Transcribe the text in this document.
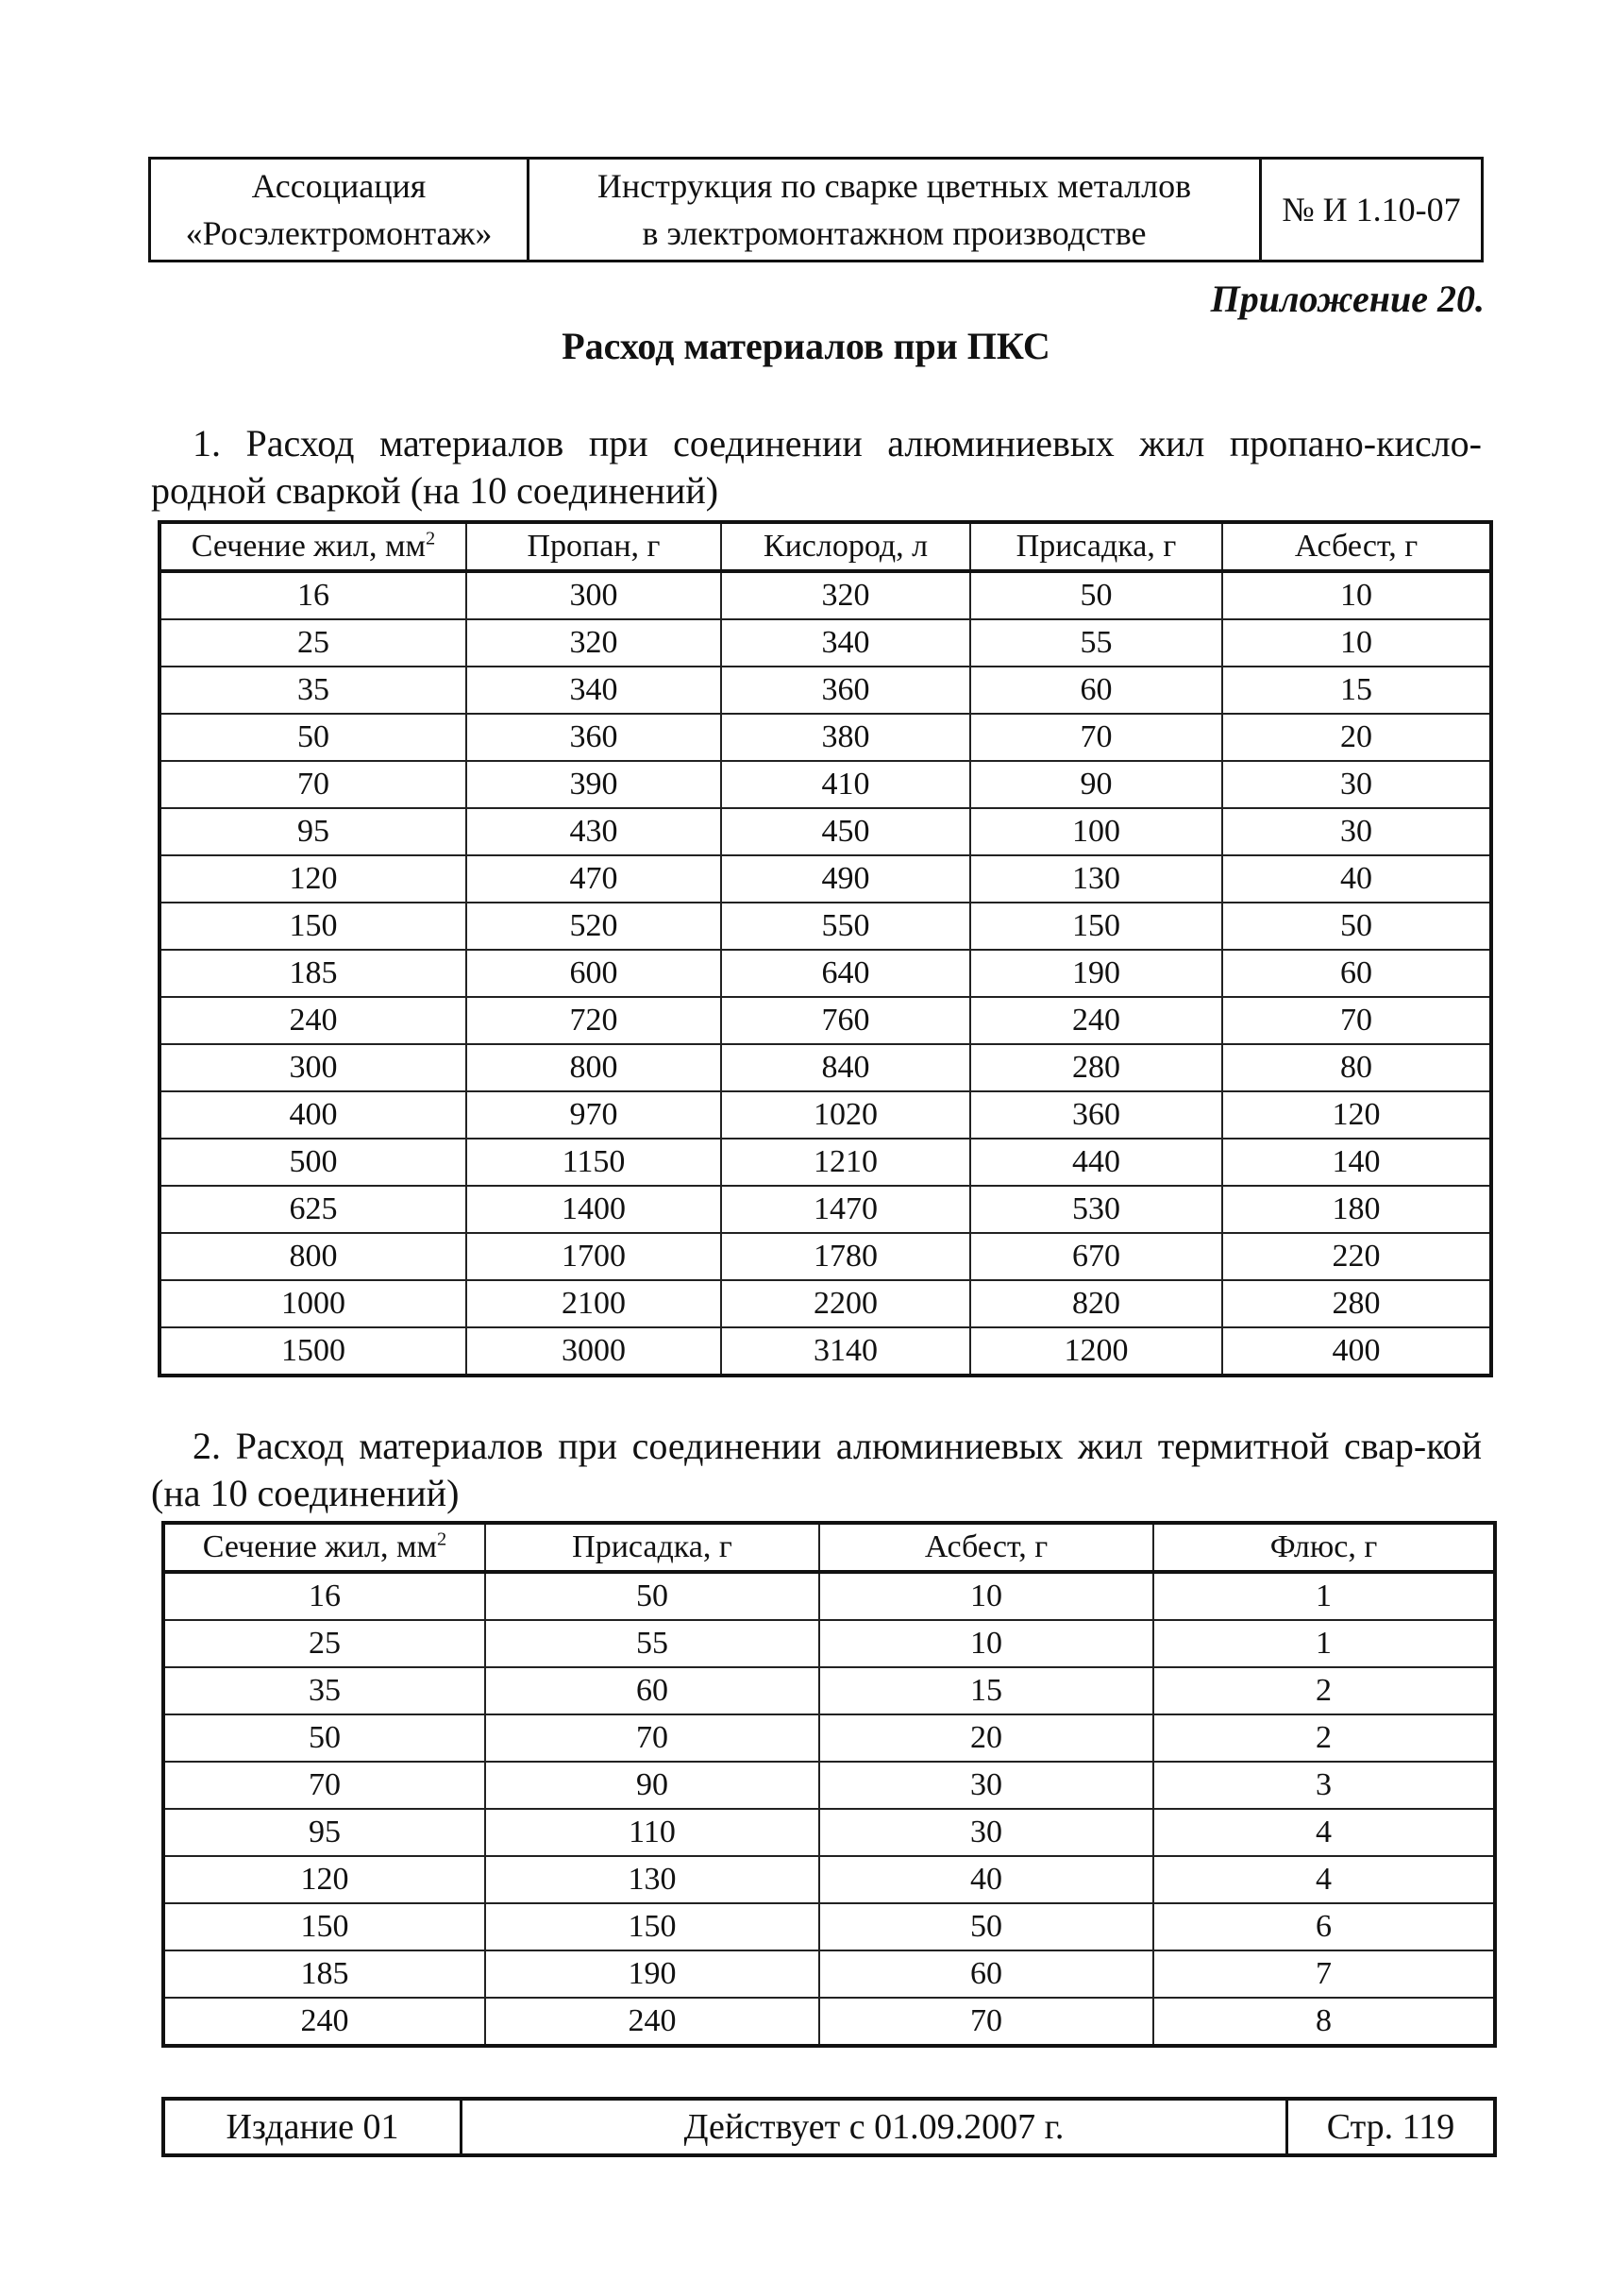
Ассоциация
«Росэлектромонтаж»

Инструкция по сварке цветных металлов
в электромонтажном производстве
	№ И 1.10-07
Приложение 20.
Расход материалов при ПКС
1. Расход материалов при соединении алюминиевых жил пропано-кисло-родной сваркой (на 10 соединений)
Сечение жил, $мм^2$	Пропан, г	Кислород, л	Присадка, г	Асбест, г
16	300	320	50	10
25	320	340	55	10
35	340	360	60	15
50	360	380	70	20
70	390	410	90	30
95	430	450	100	30
120	470	490	130	40
150	520	550	150	50
185	600	640	190	60
240	720	760	240	70
300	800	840	280	80
400	970	1020	360	120
500	1150	1210	440	140
625	1400	1470	530	180
800	1700	1780	670	220
1000	2100	2200	820	280
1500	3000	3140	1200	400
2. Расход материалов при соединении алюминиевых жил термитной свар-кой (на 10 соединений)
Сечение жил, $мм^2$	Присадка, г	Асбест, г	Флюс, г
16	50	10	1
25	55	10	1
35	60	15	2
50	70	20	2
70	90	30	3
95	110	30	4
120	130	40	4
150	150	50	6
185	190	60	7
240	240	70	8
Издание 01	Действует с 01.09.2007 г.	Стр. 119
